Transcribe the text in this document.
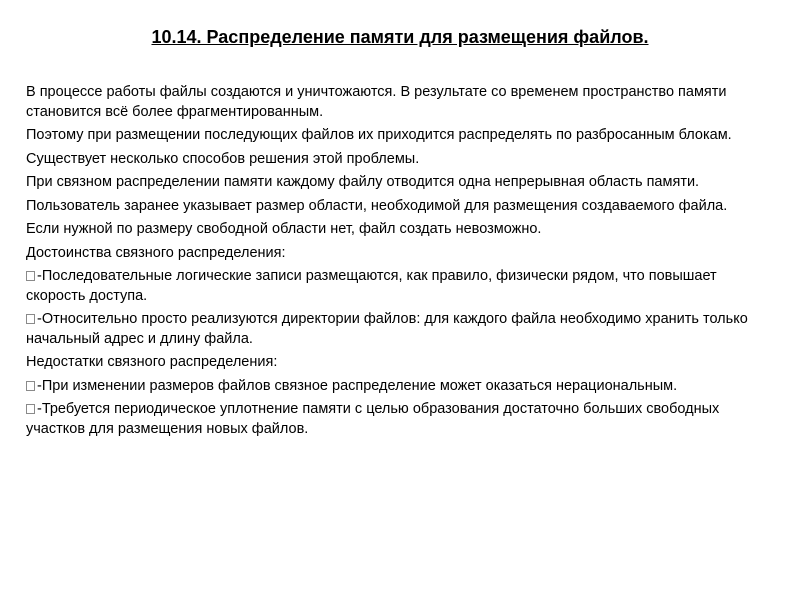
10.14. Распределение памяти для размещения файлов.

В процессе работы файлы создаются и уничтожаются. В результате со временем пространство памяти становится всё более фрагментированным.

Поэтому при размещении последующих файлов их приходится распределять по разбросанным блокам.

Существует несколько способов решения этой проблемы.

При связном распределении памяти каждому файлу отводится одна непрерывная область памяти.

Пользователь заранее указывает размер области, необходимой для размещения создаваемого файла.

Если нужной по размеру свободной области нет, файл создать невозможно.

Достоинства связного распределения:

-Последовательные логические записи размещаются, как правило, физически рядом, что повышает скорость доступа.

-Относительно просто реализуются директории файлов: для каждого файла необходимо хранить только начальный адрес и длину файла.

Недостатки связного распределения:

-При изменении размеров файлов связное распределение может оказаться нерациональным.

-Требуется периодическое уплотнение памяти с целью образования достаточно больших свободных участков для размещения новых файлов.
